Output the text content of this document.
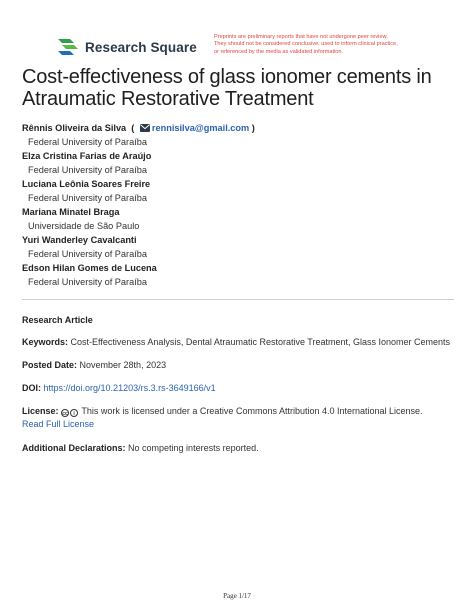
Research Square
Preprints are preliminary reports that have not undergone peer review.
They should not be considered conclusive, used to inform clinical practice,
or referenced by the media as validated information.
Cost-effectiveness of glass ionomer cements in
Atraumatic Restorative Treatment
Rênnis Oliveira da Silva  ( rennisilva@gmail.com )
Federal University of Paraíba
Elza Cristina Farias de Araújo
Federal University of Paraíba
Luciana Leônia Soares Freire
Federal University of Paraíba
Mariana Minatel Braga
Universidade de São Paulo
Yuri Wanderley Cavalcanti
Federal University of Paraíba
Edson Hilan Gomes de Lucena
Federal University of Paraíba
Research Article
Keywords: Cost-Effectiveness Analysis, Dental Atraumatic Restorative Treatment, Glass Ionomer Cements
Posted Date: November 28th, 2023
DOI: https://doi.org/10.21203/rs.3.rs-3649166/v1
License: cc i This work is licensed under a Creative Commons Attribution 4.0 International License.
Read Full License
Additional Declarations: No competing interests reported.
Page 1/17
